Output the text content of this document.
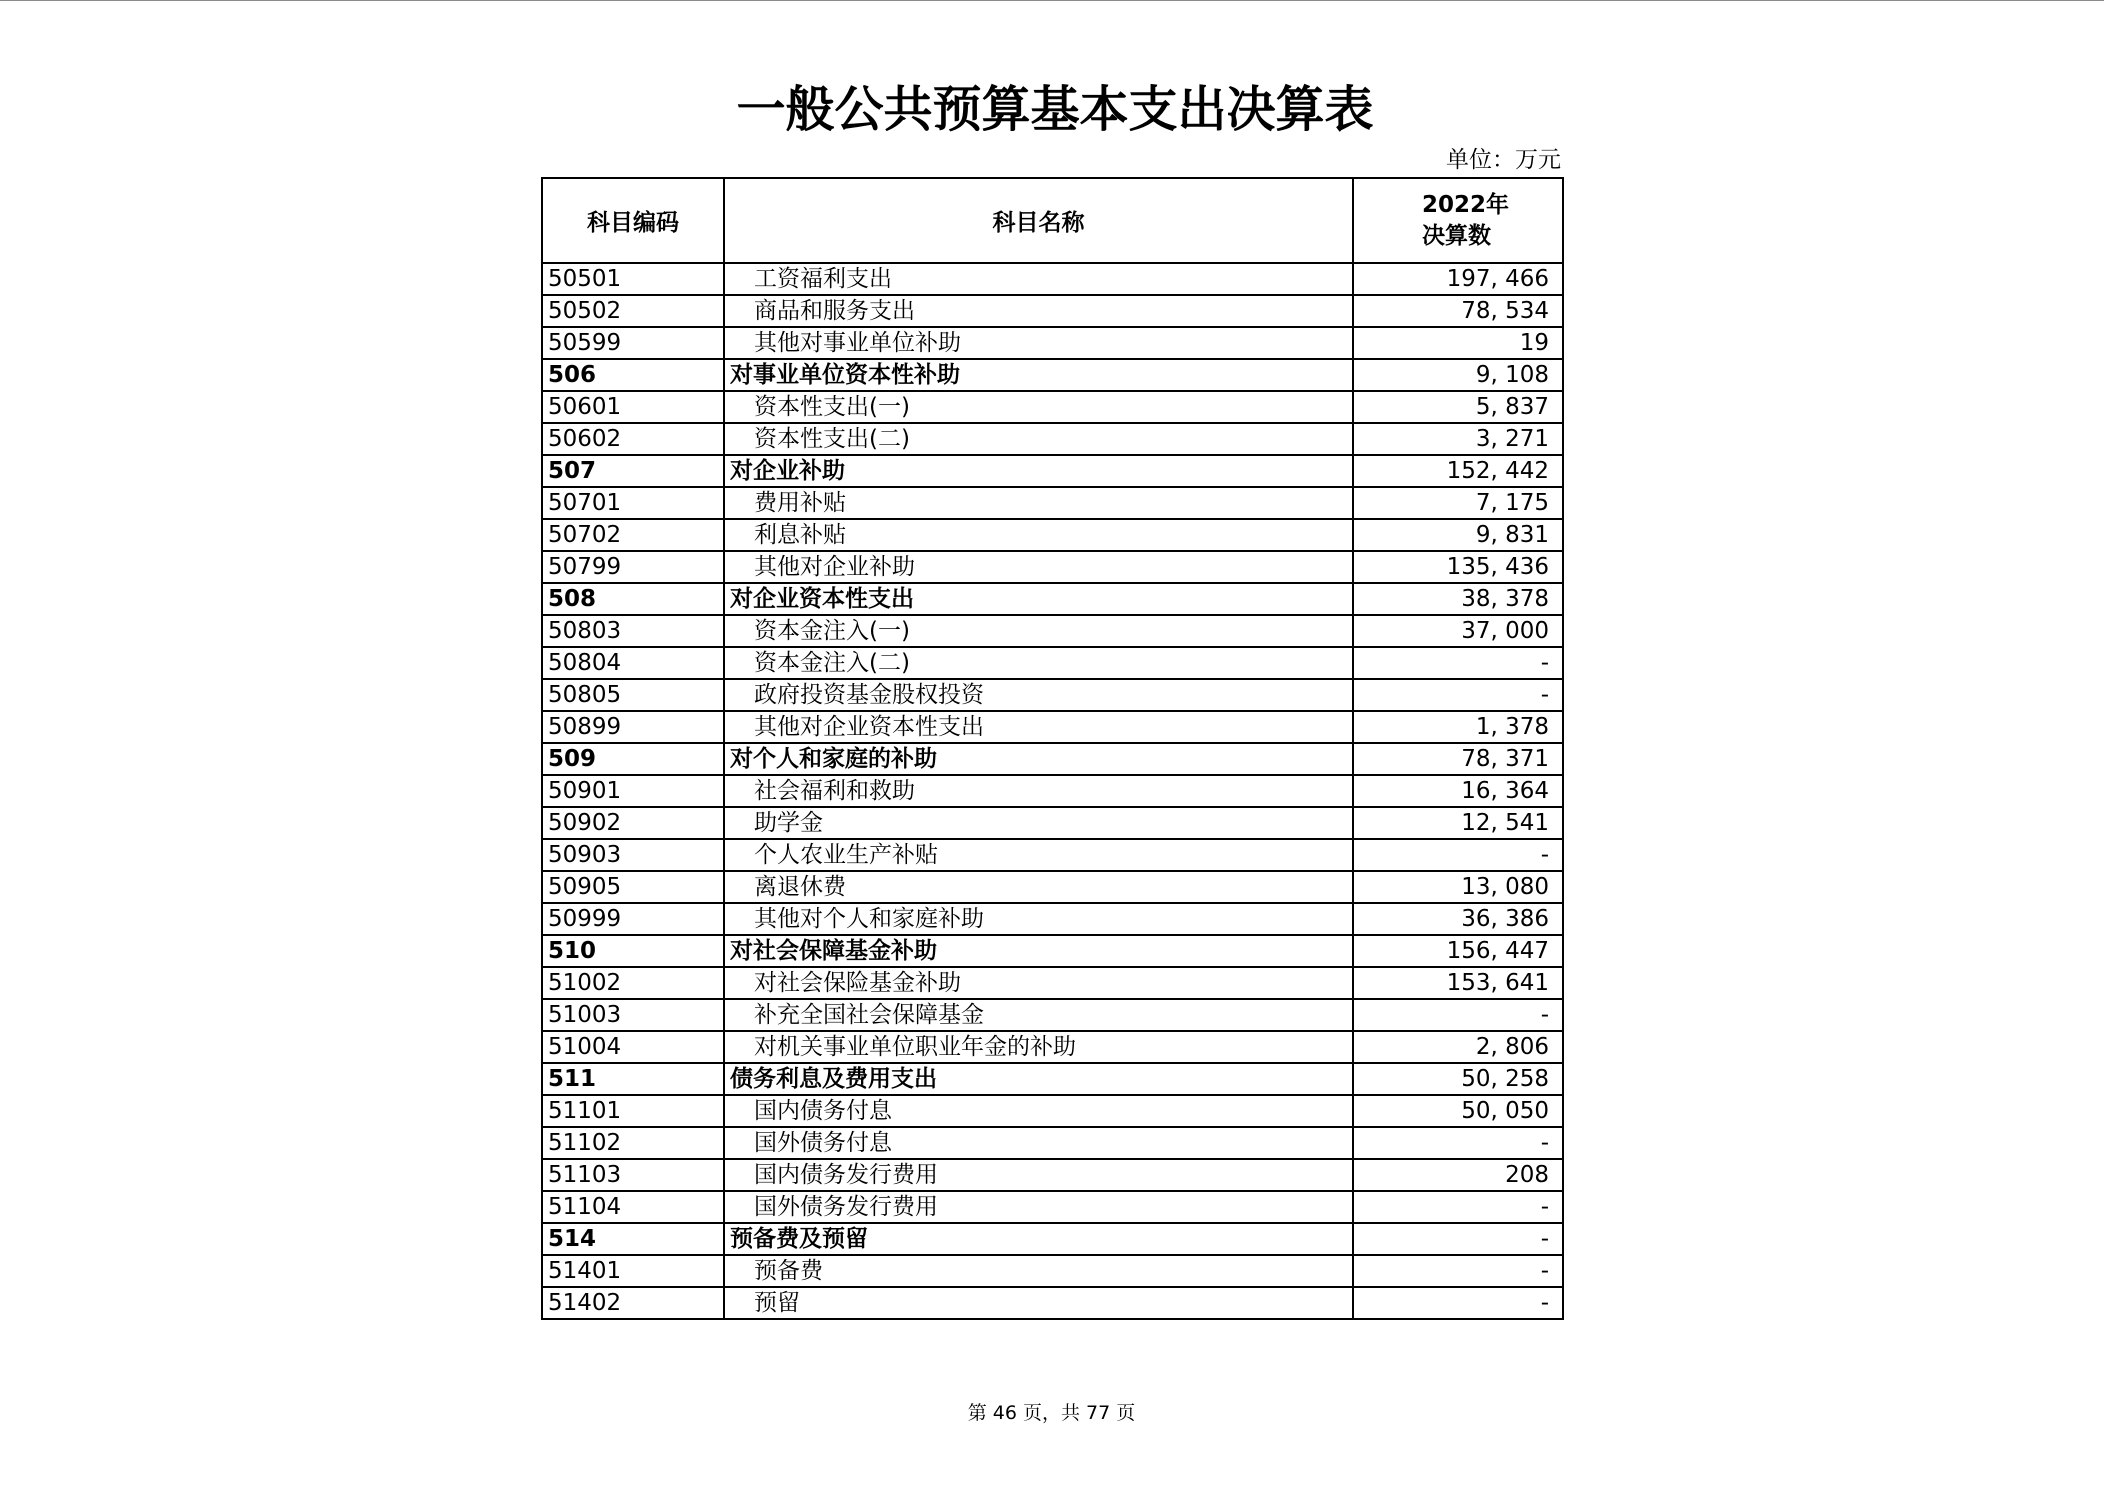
一般公共预算基本支出决算表
单位：万元
科目编码	科目名称	2022年
决算数

50501	工资福利支出	197, 466
50502	商品和服务支出	78, 534
50599	其他对事业单位补助	19
506	对事业单位资本性补助	9, 108
50601	资本性支出(一)	5, 837
50602	资本性支出(二)	3, 271
507	对企业补助	152, 442
50701	费用补贴	7, 175
50702	利息补贴	9, 831
50799	其他对企业补助	135, 436
508	对企业资本性支出	38, 378
50803	资本金注入(一)	37, 000
50804	资本金注入(二)	-
50805	政府投资基金股权投资	-
50899	其他对企业资本性支出	1, 378
509	对个人和家庭的补助	78, 371
50901	社会福利和救助	16, 364
50902	助学金	12, 541
50903	个人农业生产补贴	-
50905	离退休费	13, 080
50999	其他对个人和家庭补助	36, 386
510	对社会保障基金补助	156, 447
51002	对社会保险基金补助	153, 641
51003	补充全国社会保障基金	-
51004	对机关事业单位职业年金的补助	2, 806
511	债务利息及费用支出	50, 258
51101	国内债务付息	50, 050
51102	国外债务付息	-
51103	国内债务发行费用	208
51104	国外债务发行费用	-
514	预备费及预留	-
51401	预备费	-
51402	预留	-
第 46 页，共 77 页
